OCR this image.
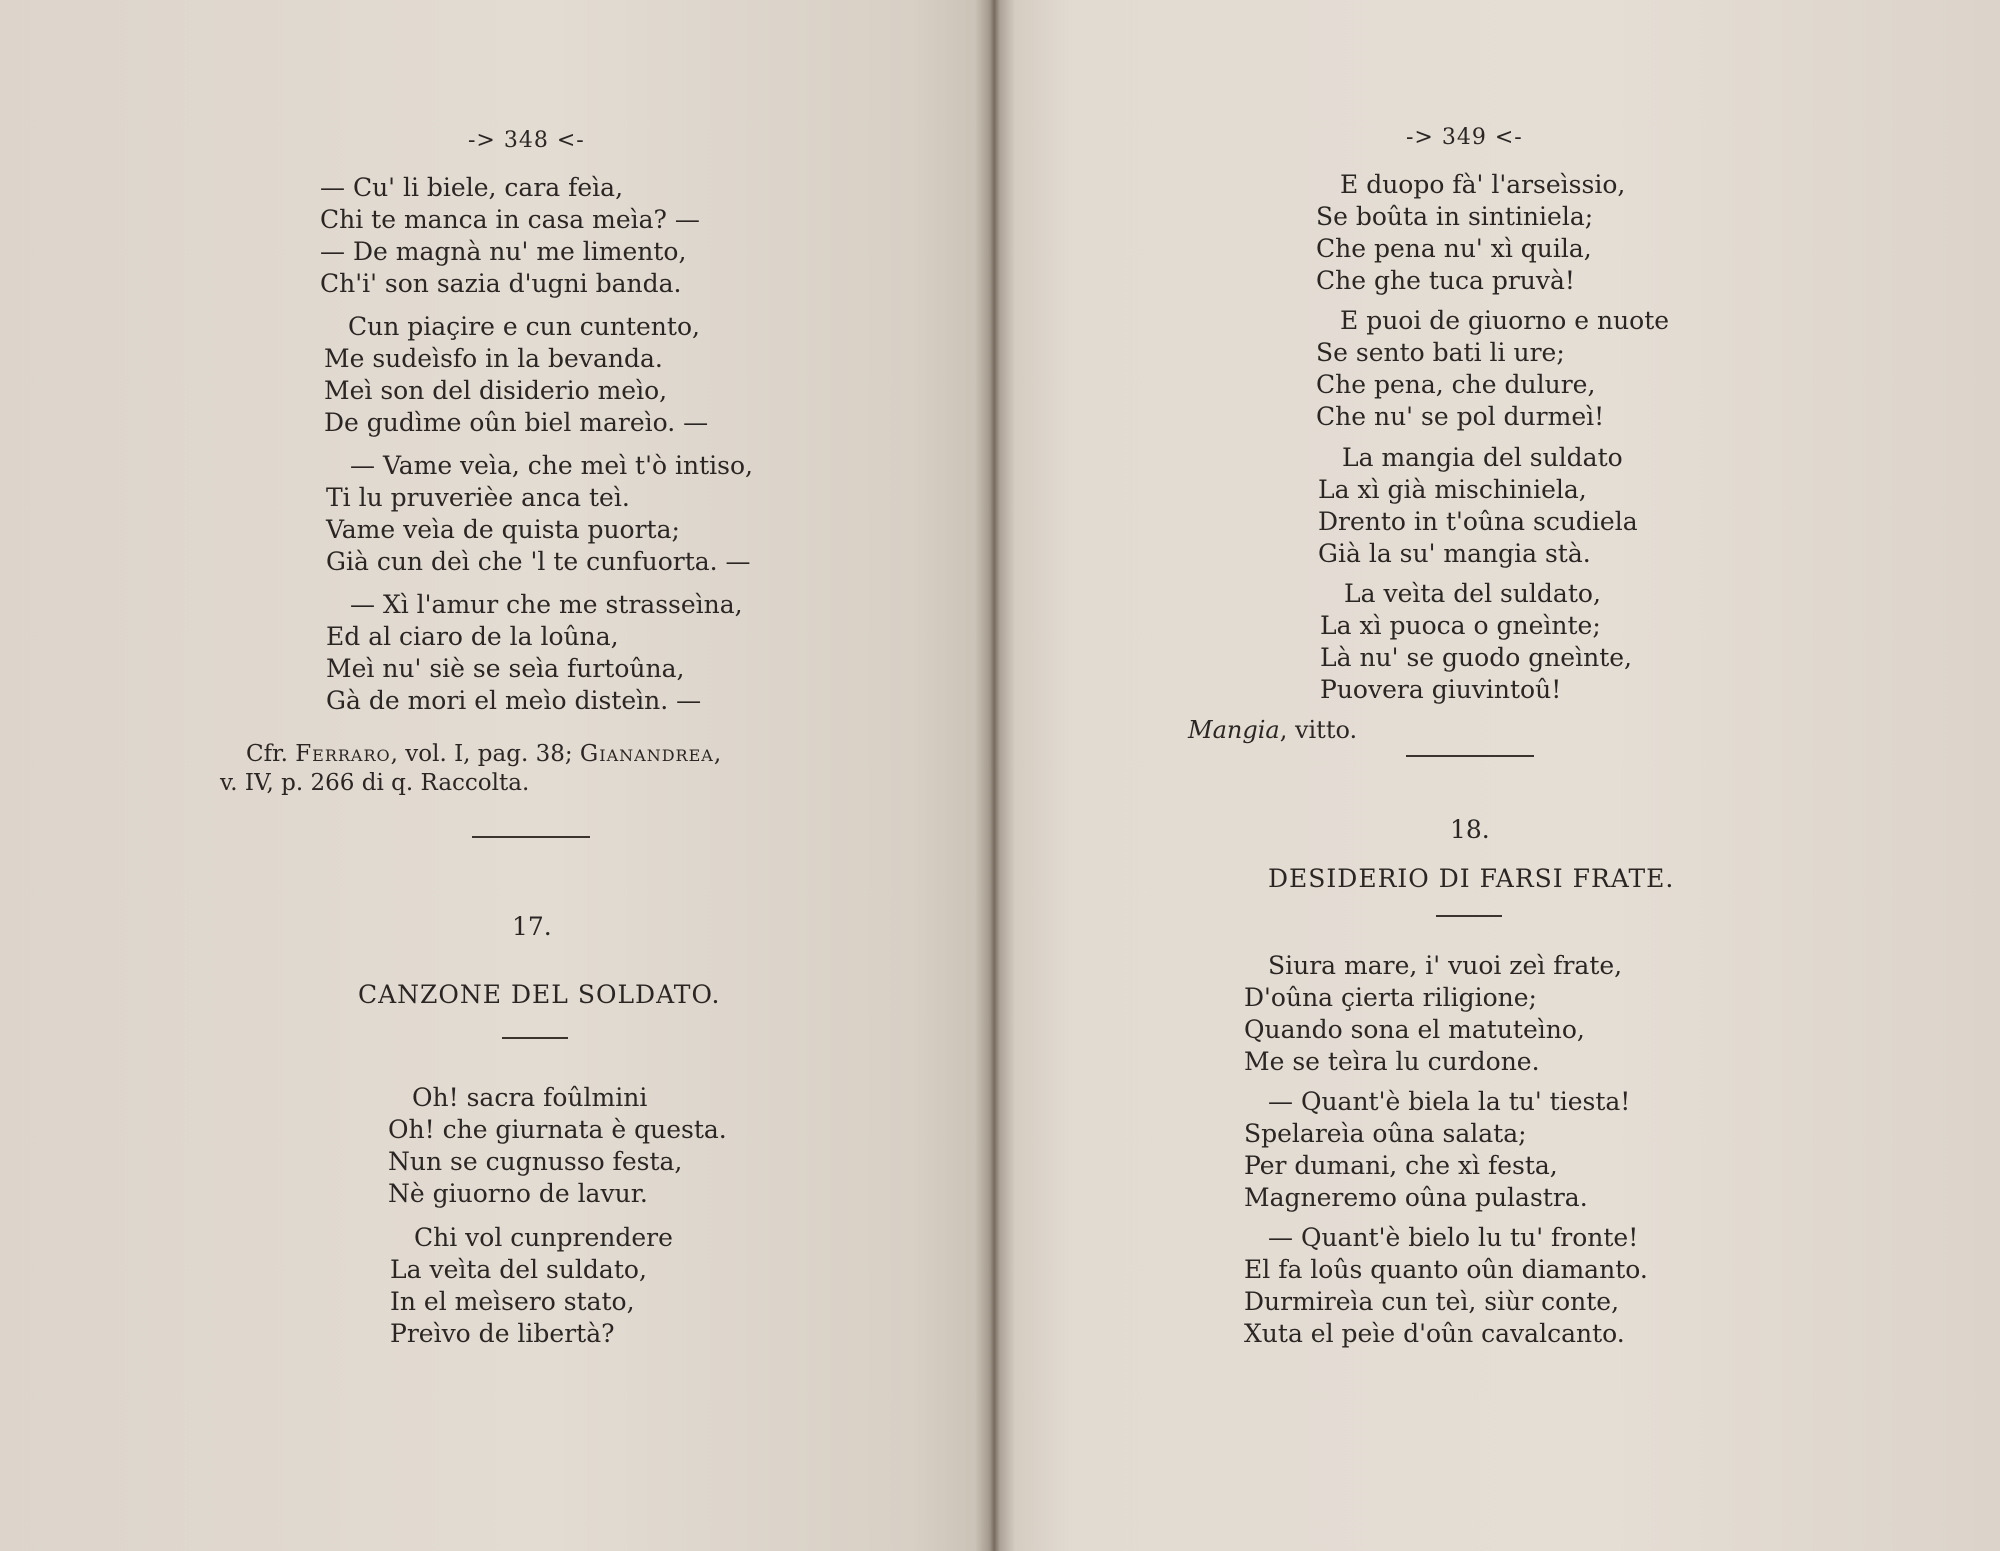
-> 348 <-
— Cu' li biele, cara feìa,
Chi te manca in casa meìa? —
— De magnà nu' me limento,
Ch'i' son sazia d'ugni banda.
Cun piaçire e cun cuntento,
Me sudeìsfo in la bevanda.
Meì son del disiderio meìo,
De gudìme oûn biel mareìo. —
— Vame veìa, che meì t'ò intiso,
Ti lu pruverièe anca teì.
Vame veìa de quista puorta;
Già cun deì che 'l te cunfuorta. —
— Xì l'amur che me strasseìna,
Ed al ciaro de la loûna,
Meì nu' siè se seìa furtoûna,
Gà de mori el meìo disteìn. —
Cfr. Ferraro, vol. I, pag. 38; Gianandrea,
v. IV, p. 266 di q. Raccolta.
17.
CANZONE DEL SOLDATO.
Oh! sacra foûlmini
Oh! che giurnata è questa.
Nun se cugnusso festa,
Nè giuorno de lavur.
Chi vol cunprendere
La veìta del suldato,
In el meìsero stato,
Preìvo de libertà?
-> 349 <-
E duopo fà' l'arseìssio,
Se boûta in sintiniela;
Che pena nu' xì quila,
Che ghe tuca pruvà!
E puoi de giuorno e nuote
Se sento bati li ure;
Che pena, che dulure,
Che nu' se pol durmeì!
La mangia del suldato
La xì già mischiniela,
Drento in t'oûna scudiela
Già la su' mangia stà.
La veìta del suldato,
La xì puoca o gneìnte;
Là nu' se guodo gneìnte,
Puovera giuvintoû!
Mangia, vitto.
18.
DESIDERIO DI FARSI FRATE.
Siura mare, i' vuoi zeì frate,
D'oûna çierta riligione;
Quando sona el matuteìno,
Me se teìra lu curdone.
— Quant'è biela la tu' tiesta!
Spelareìa oûna salata;
Per dumani, che xì festa,
Magneremo oûna pulastra.
— Quant'è bielo lu tu' fronte!
El fa loûs quanto oûn diamanto.
Durmireìa cun teì, siùr conte,
Xuta el peìe d'oûn cavalcanto.
